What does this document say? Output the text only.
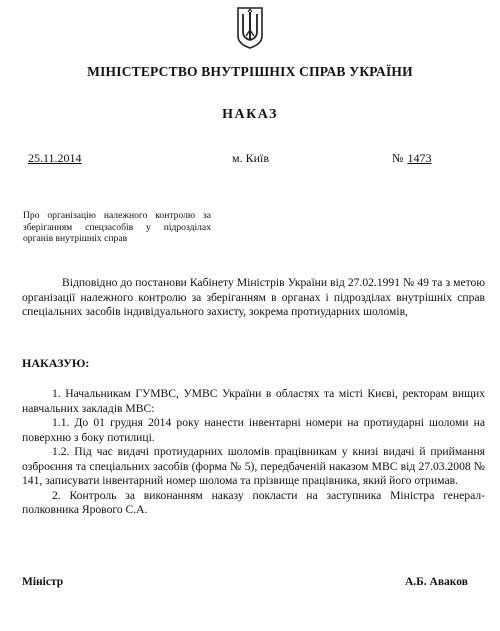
МІНІСТЕРСТВО ВНУТРІШНІХ СПРАВ УКРАЇНИ
НАКАЗ
25.11.2014	м. Київ	№ 1473
Про організацію належного контролю за зберіганням спецзасобів у підрозділах органів внутрішніх справ
Відповідно до постанови Кабінету Міністрів України від 27.02.1991 № 49 та з метою організації належного контролю за зберіганням в органах і підрозділах внутрішніх справ спеціальних засобів індивідуального захисту, зокрема протиударних шоломів,
НАКАЗУЮ:

1. Начальникам ГУМВС, УМВС України в областях та місті Києві, ректорам вищих навчальних закладів МВС:

1.1. До 01 грудня 2014 року нанести інвентарні номери на протиударні шоломи на поверхню з боку потилиці.

1.2. Під час видачі протиударних шоломів працівникам у книзі видачі й приймання озброєння та спеціальних засобів (форма № 5), передбаченій наказом МВС від 27.03.2008 № 141, записувати інвентарний номер шолома та прізвище працівника, який його отримав.

2. Контроль за виконанням наказу покласти на заступника Міністра генерал-полковника Ярового С.А.

Міністр	А.Б. Аваков
